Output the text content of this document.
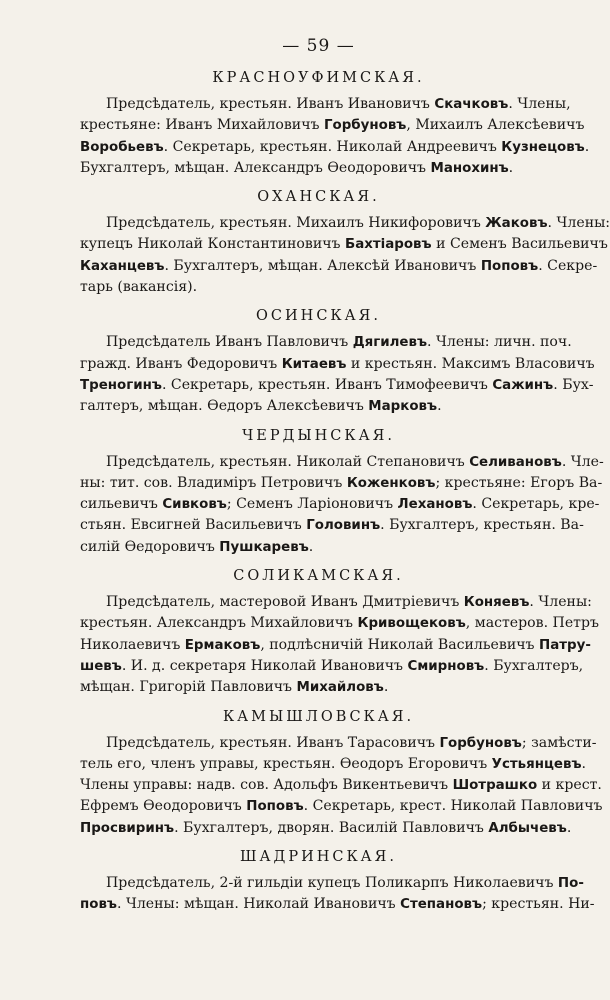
— 59 —
КРАСНОУФИМСКАЯ.
Предсѣдатель, крестьян. Иванъ Ивановичъ Скачковъ. Члены,
крестьяне: Иванъ Михайловичъ Горбуновъ, Михаилъ Алексѣевичъ
Воробьевъ. Секретарь, крестьян. Николай Андреевичъ Кузнецовъ.
Бухгалтеръ, мѣщан. Александръ Ѳеодоровичъ Манохинъ.
ОХАНСКАЯ.
Предсѣдатель, крестьян. Михаилъ Никифоровичъ Жаковъ. Члены:
купецъ Николай Константиновичъ Бахтіаровъ и Семенъ Васильевичъ
Каханцевъ. Бухгалтеръ, мѣщан. Алексѣй Ивановичъ Поповъ. Секре-
тарь (вакансія).
ОСИНСКАЯ.
Предсѣдатель Иванъ Павловичъ Дягилевъ. Члены: личн. поч.
гражд. Иванъ Федоровичъ Китаевъ и крестьян. Максимъ Власовичъ
Треногинъ. Секретарь, крестьян. Иванъ Тимофеевичъ Сажинъ. Бух-
галтеръ, мѣщан. Ѳедоръ Алексѣевичъ Марковъ.
ЧЕРДЫНСКАЯ.
Предсѣдатель, крестьян. Николай Степановичъ Селивановъ. Чле-
ны: тит. сов. Владиміръ Петровичъ Коженковъ; крестьяне: Егоръ Ва-
сильевичъ Сивковъ; Семенъ Ларіоновичъ Лехановъ. Секретарь, кре-
стьян. Евсигней Васильевичъ Головинъ. Бухгалтеръ, крестьян. Ва-
силій Ѳедоровичъ Пушкаревъ.
СОЛИКАМСКАЯ.
Предсѣдатель, мастеровой Иванъ Дмитріевичъ Коняевъ. Члены:
крестьян. Александръ Михайловичъ Кривощековъ, мастеров. Петръ
Николаевичъ Ермаковъ, подлѣсничій Николай Васильевичъ Патру-
шевъ. И. д. секретаря Николай Ивановичъ Смирновъ. Бухгалтеръ,
мѣщан. Григорій Павловичъ Михайловъ.
КАМЫШЛОВСКАЯ.
Предсѣдатель, крестьян. Иванъ Тарасовичъ Горбуновъ; замѣсти-
тель его, членъ управы, крестьян. Ѳеодоръ Егоровичъ Устьянцевъ.
Члены управы: надв. сов. Адольфъ Викентьевичъ Шотрашко и крест.
Ефремъ Ѳеодоровичъ Поповъ. Секретарь, крест. Николай Павловичъ
Просвиринъ. Бухгалтеръ, дворян. Василій Павловичъ Албычевъ.
ШАДРИНСКАЯ.
Предсѣдатель, 2-й гильдіи купецъ Поликарпъ Николаевичъ По-
повъ. Члены: мѣщан. Николай Ивановичъ Степановъ; крестьян. Ни-
